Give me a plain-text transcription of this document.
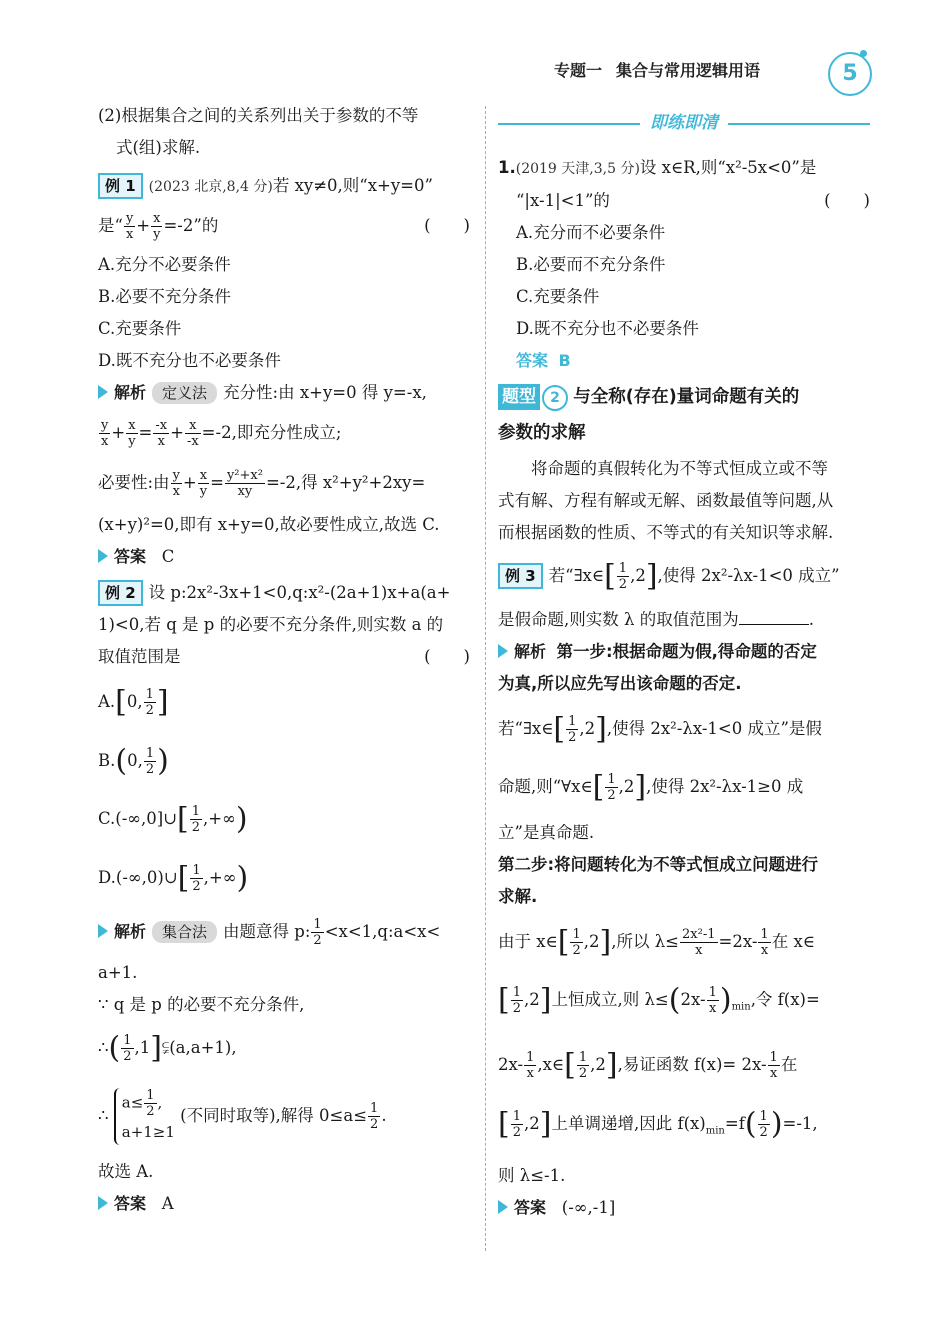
专题一 集合与常用逻辑用语	5

(2)根据集合之间的关系列出关于参数的不等

式(组)求解.

例 1 (2023 北京,8,4 分)若 xy≠0,则“x+y=0”

是“ $\frac{y}{x} + \frac{x}{y} =-2$”的	(　　)

A.充分不必要条件

B.必要不充分条件

C.充要条件

D.既不充分也不必要条件

解析 定义法 充分性:由 x+y=0 得 y=-x,

$\frac{y}{x} + \frac{x}{y} = \frac{-x}{x} + \frac{x}{-x} =-2$,即充分性成立;

必要性:由 $\frac{y}{x} + \frac{x}{y} = \frac{\text{y²+x²}}{xy} =-2$,得 x²+y²+2xy=

(x+y)²=0,即有 x+y=0,故必要性成立,故选 C.

答案 C

例 2 设 p:2x²-3x+1<0,q:x²-(2a+1)x+a(a+

1)<0,若 q 是 p 的必要不充分条件,则实数 a 的

取值范围是	(　　)

A.[0, $\frac{1}{2}$ ]

B.(0, $\frac{1}{2}$ )

C.(-∞,0]∪[ $\frac{1}{2}$ ,+∞)

D.(-∞,0)∪[ $\frac{1}{2}$ ,+∞)

解析 集合法 由题意得 p: $\frac{1}{2}$ <x<1,q:a<x<

a+1.

∵ q 是 p 的必要不充分条件,

∴( $\frac{1}{2}$ ,1]⫋(a,a+1),

∴
$a\le \frac{1}{2}$ ,
a+1≥1
(不同时取等),解得 $0\le a\le \frac{1}{2}$ .

故选 A.

答案 A

即练即清

1.(2019 天津,3,5 分)设 x∈R,则“x²-5x<0”是

“|x-1|<1”的	(　　)

A.充分而不必要条件

B.必要而不充分条件

C.充要条件

D.既不充分也不必要条件

答案 B

题型 2 与全称(存在)量词命题有关的

参数的求解

将命题的真假转化为不等式恒成立或不等

式有解、方程有解或无解、函数最值等问题,从

而根据函数的性质、不等式的有关知识等求解.

例 3 若“∃x∈[ $\frac{1}{2} ,2$],使得 2x²-λx-1<0 成立”

是假命题,则实数 λ 的取值范围为	.

解析 第一步:根据命题为假,得命题的否定

为真,所以应先写出该命题的否定.

若“∃x∈[ $\frac{1}{2} ,2$],使得 2x²-λx-1<0 成立”是假

命题,则“∀x∈[ $\frac{1}{2} ,2$],使得 2x²-λx-1≥0 成

立”是真命题.

第二步:将问题转化为不等式恒成立问题进行

求解.

由于 x∈[ $\frac{1}{2} ,2$],所以 $\lambda\le \frac{\text{2x²-1}}{x} =2x- \frac{1}{x}$ 在 x∈

[ $\frac{1}{2} ,2$]上恒成立,则 $\lambda\le(2x- \frac{1}{x} )_{min}$,令 f(x)=

$2x- \frac{1}{x}$ ,x∈[ $\frac{1}{2} ,2$],易证函数 $f(x)= 2x- \frac{1}{x}$ 在

[ $\frac{1}{2} ,2$]上单调递增,因此 $f(x)_{min}=f( \frac{1}{2} )=-1$,

则 λ≤-1.

答案 (-∞,-1]
